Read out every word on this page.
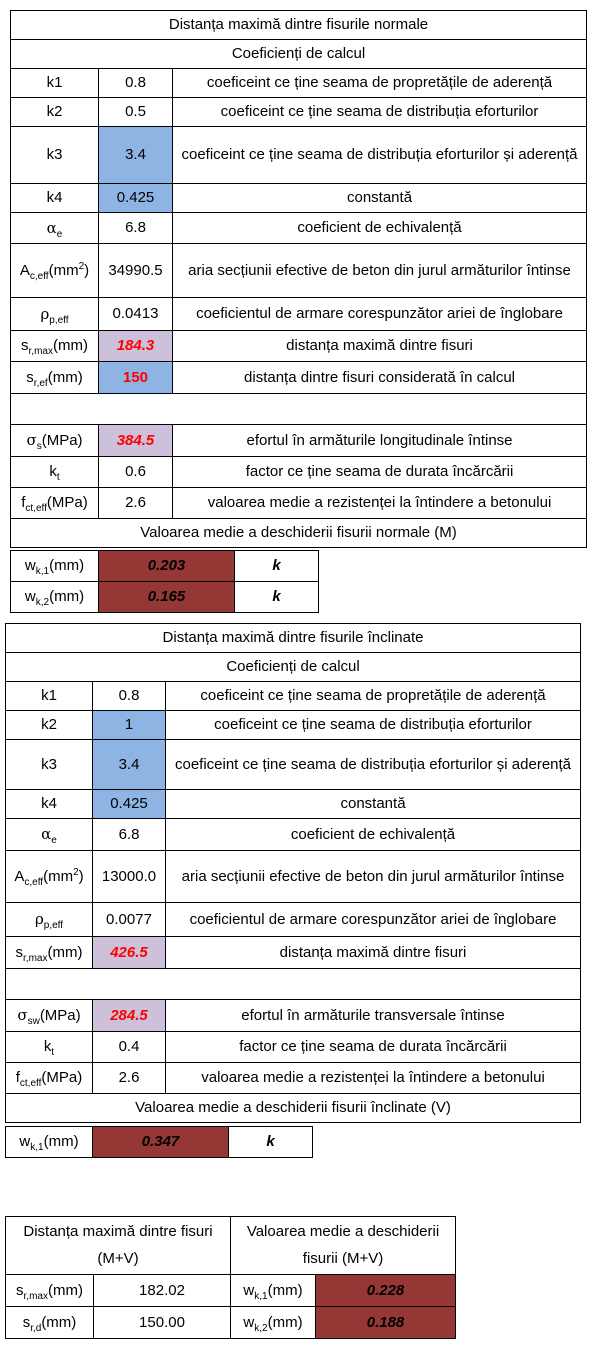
Distanța maximă dintre fisurile normale		
Coeficienți de calcul		
k1	0.8	coeficeint ce ține seama de propretățile de aderență
k2	0.5	coeficeint ce ține seama de distribuția eforturilor
k3	3.4	coeficeint ce ține seama de distribuția eforturilor și aderență
k4	0.425	constantă
$\alpha_e$	6.8	coeficient de echivalență
$A_{c,eff}(mm^2)$	34990.5	aria secțiunii efective de beton din jurul armăturilor întinse
$\rho_{p,eff}$	0.0413	coeficientul de armare corespunzător ariei de înglobare
$s_{r,max}(mm)$	184.3	distanța maximă dintre fisuri
$s_{r,ef}(mm)$	150	distanța dintre fisuri considerată în calcul

$\sigma_s(MPa)$	384.5	efortul în armăturile longitudinale întinse
$k_t$	0.6	factor ce ține seama de durata încărcării
$f_{ct,eff}(MPa)$	2.6	valoarea medie a rezistenței la întindere a betonului
Valoarea medie a deschiderii fisurii normale (M)		
$w_{k,1}(mm)$	0.203	k
$w_{k,2}(mm)$	0.165	k
Distanța maximă dintre fisurile înclinate		
Coeficienți de calcul		
k1	0.8	coeficeint ce ține seama de propretățile de aderență
k2	1	coeficeint ce ține seama de distribuția eforturilor
k3	3.4	coeficeint ce ține seama de distribuția eforturilor și aderență
k4	0.425	constantă
$\alpha_e$	6.8	coeficient de echivalență
$A_{c,eff}(mm^2)$	13000.0	aria secțiunii efective de beton din jurul armăturilor întinse
$\rho_{p,eff}$	0.0077	coeficientul de armare corespunzător ariei de înglobare
$s_{r,max}(mm)$	426.5	distanța maximă dintre fisuri

$\sigma_{sw}(MPa)$	284.5	efortul în armăturile transversale întinse
$k_t$	0.4	factor ce ține seama de durata încărcării
$f_{ct,eff}(MPa)$	2.6	valoarea medie a rezistenței la întindere a betonului
Valoarea medie a deschiderii fisurii înclinate (V)		
$w_{k,1}(mm)$	0.347	k
Distanța maximă dintre fisuri (M+V)		Valoarea medie a deschiderii fisurii (M+V)	
$s_{r,max}(mm)$	182.02	$w_{k,1}(mm)$	0.228
$s_{r,d}(mm)$	150.00	$w_{k,2}(mm)$	0.188
